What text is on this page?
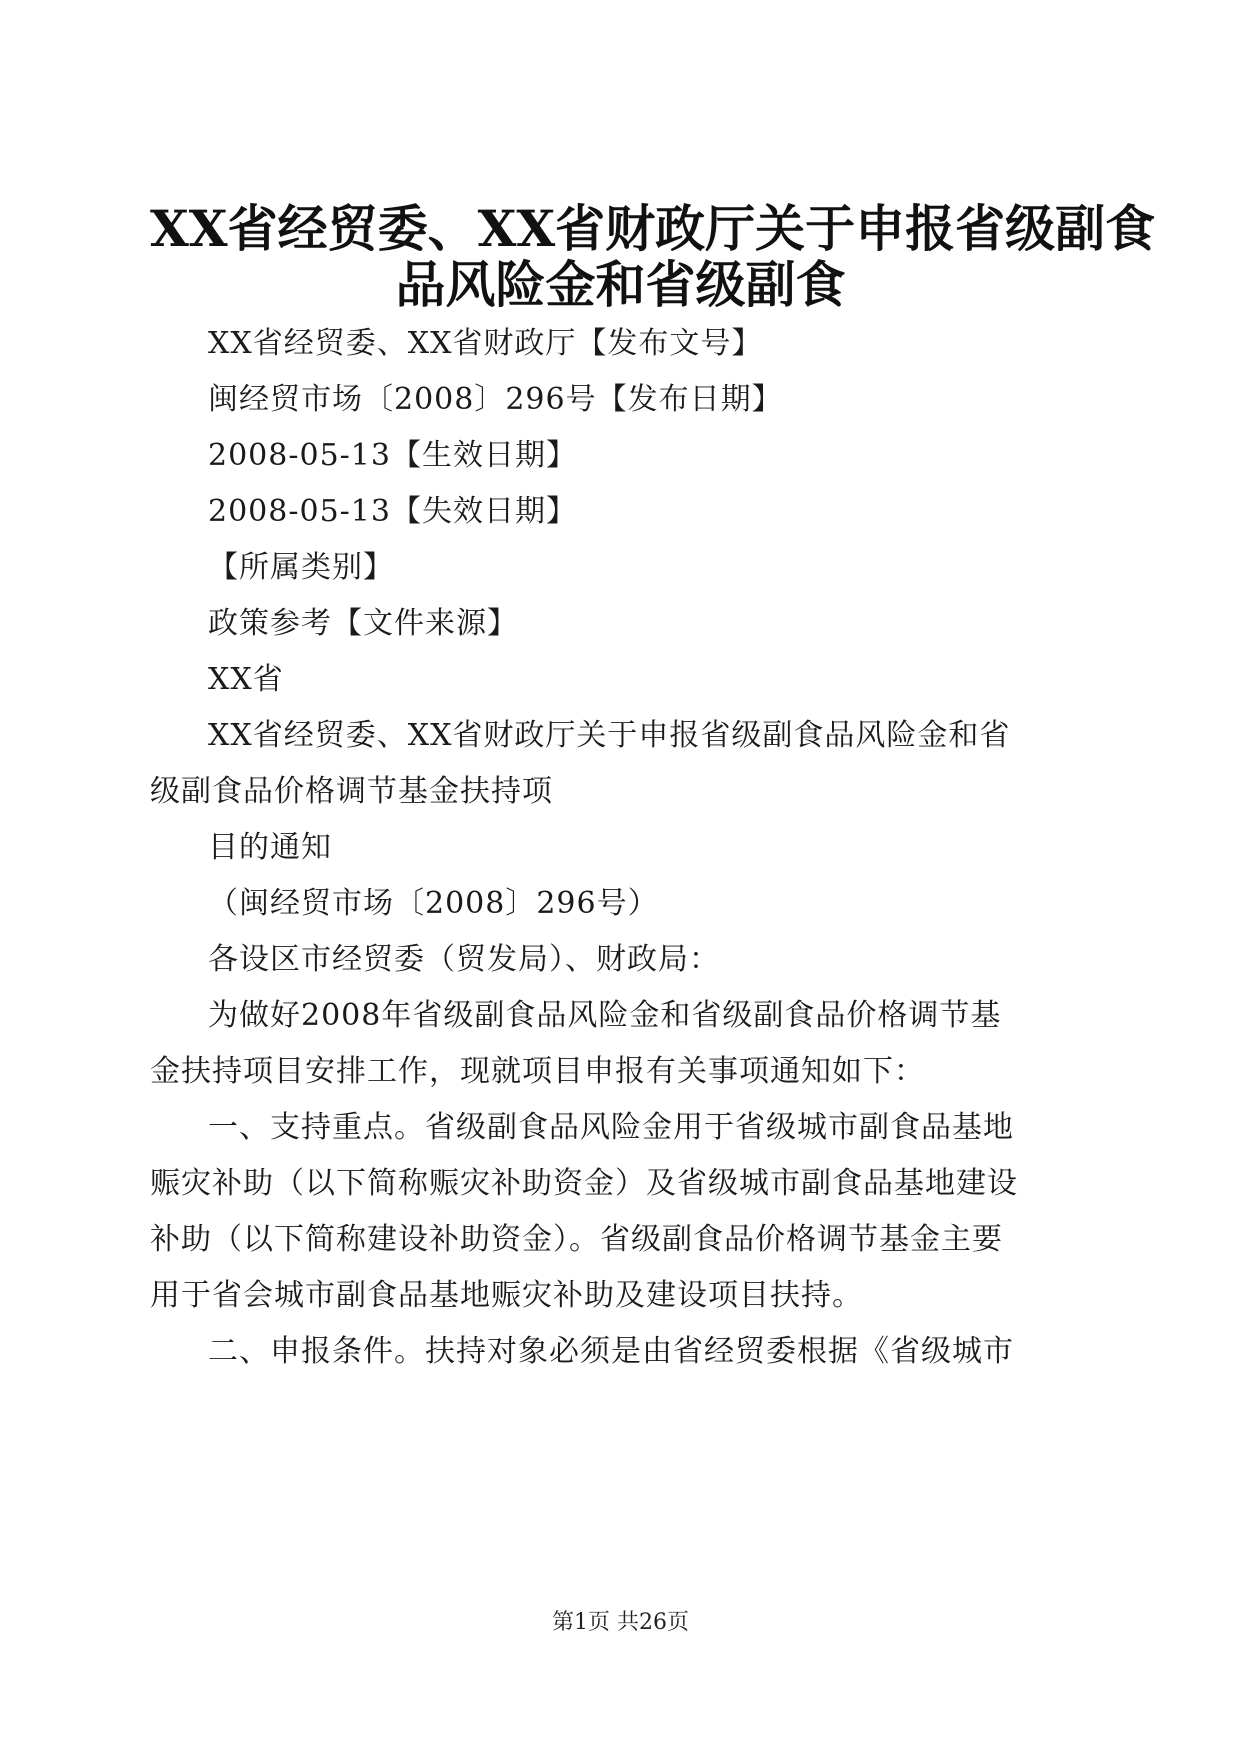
XX省经贸委、XX省财政厅关于申报省级副食
品风险金和省级副食
XX省经贸委、XX省财政厅【发布文号】
闽经贸市场〔2008〕296号【发布日期】
2008-05-13【生效日期】
2008-05-13【失效日期】
【所属类别】
政策参考【文件来源】
XX省
XX省经贸委、XX省财政厅关于申报省级副食品风险金和省
级副食品价格调节基金扶持项
目的通知
（闽经贸市场〔2008〕296号）
各设区市经贸委（贸发局）、财政局：
为做好2008年省级副食品风险金和省级副食品价格调节基
金扶持项目安排工作，现就项目申报有关事项通知如下：
一、支持重点。省级副食品风险金用于省级城市副食品基地
赈灾补助（以下简称赈灾补助资金）及省级城市副食品基地建设
补助（以下简称建设补助资金）。省级副食品价格调节基金主要
用于省会城市副食品基地赈灾补助及建设项目扶持。
二、申报条件。扶持对象必须是由省经贸委根据《省级城市
第1页 共26页
